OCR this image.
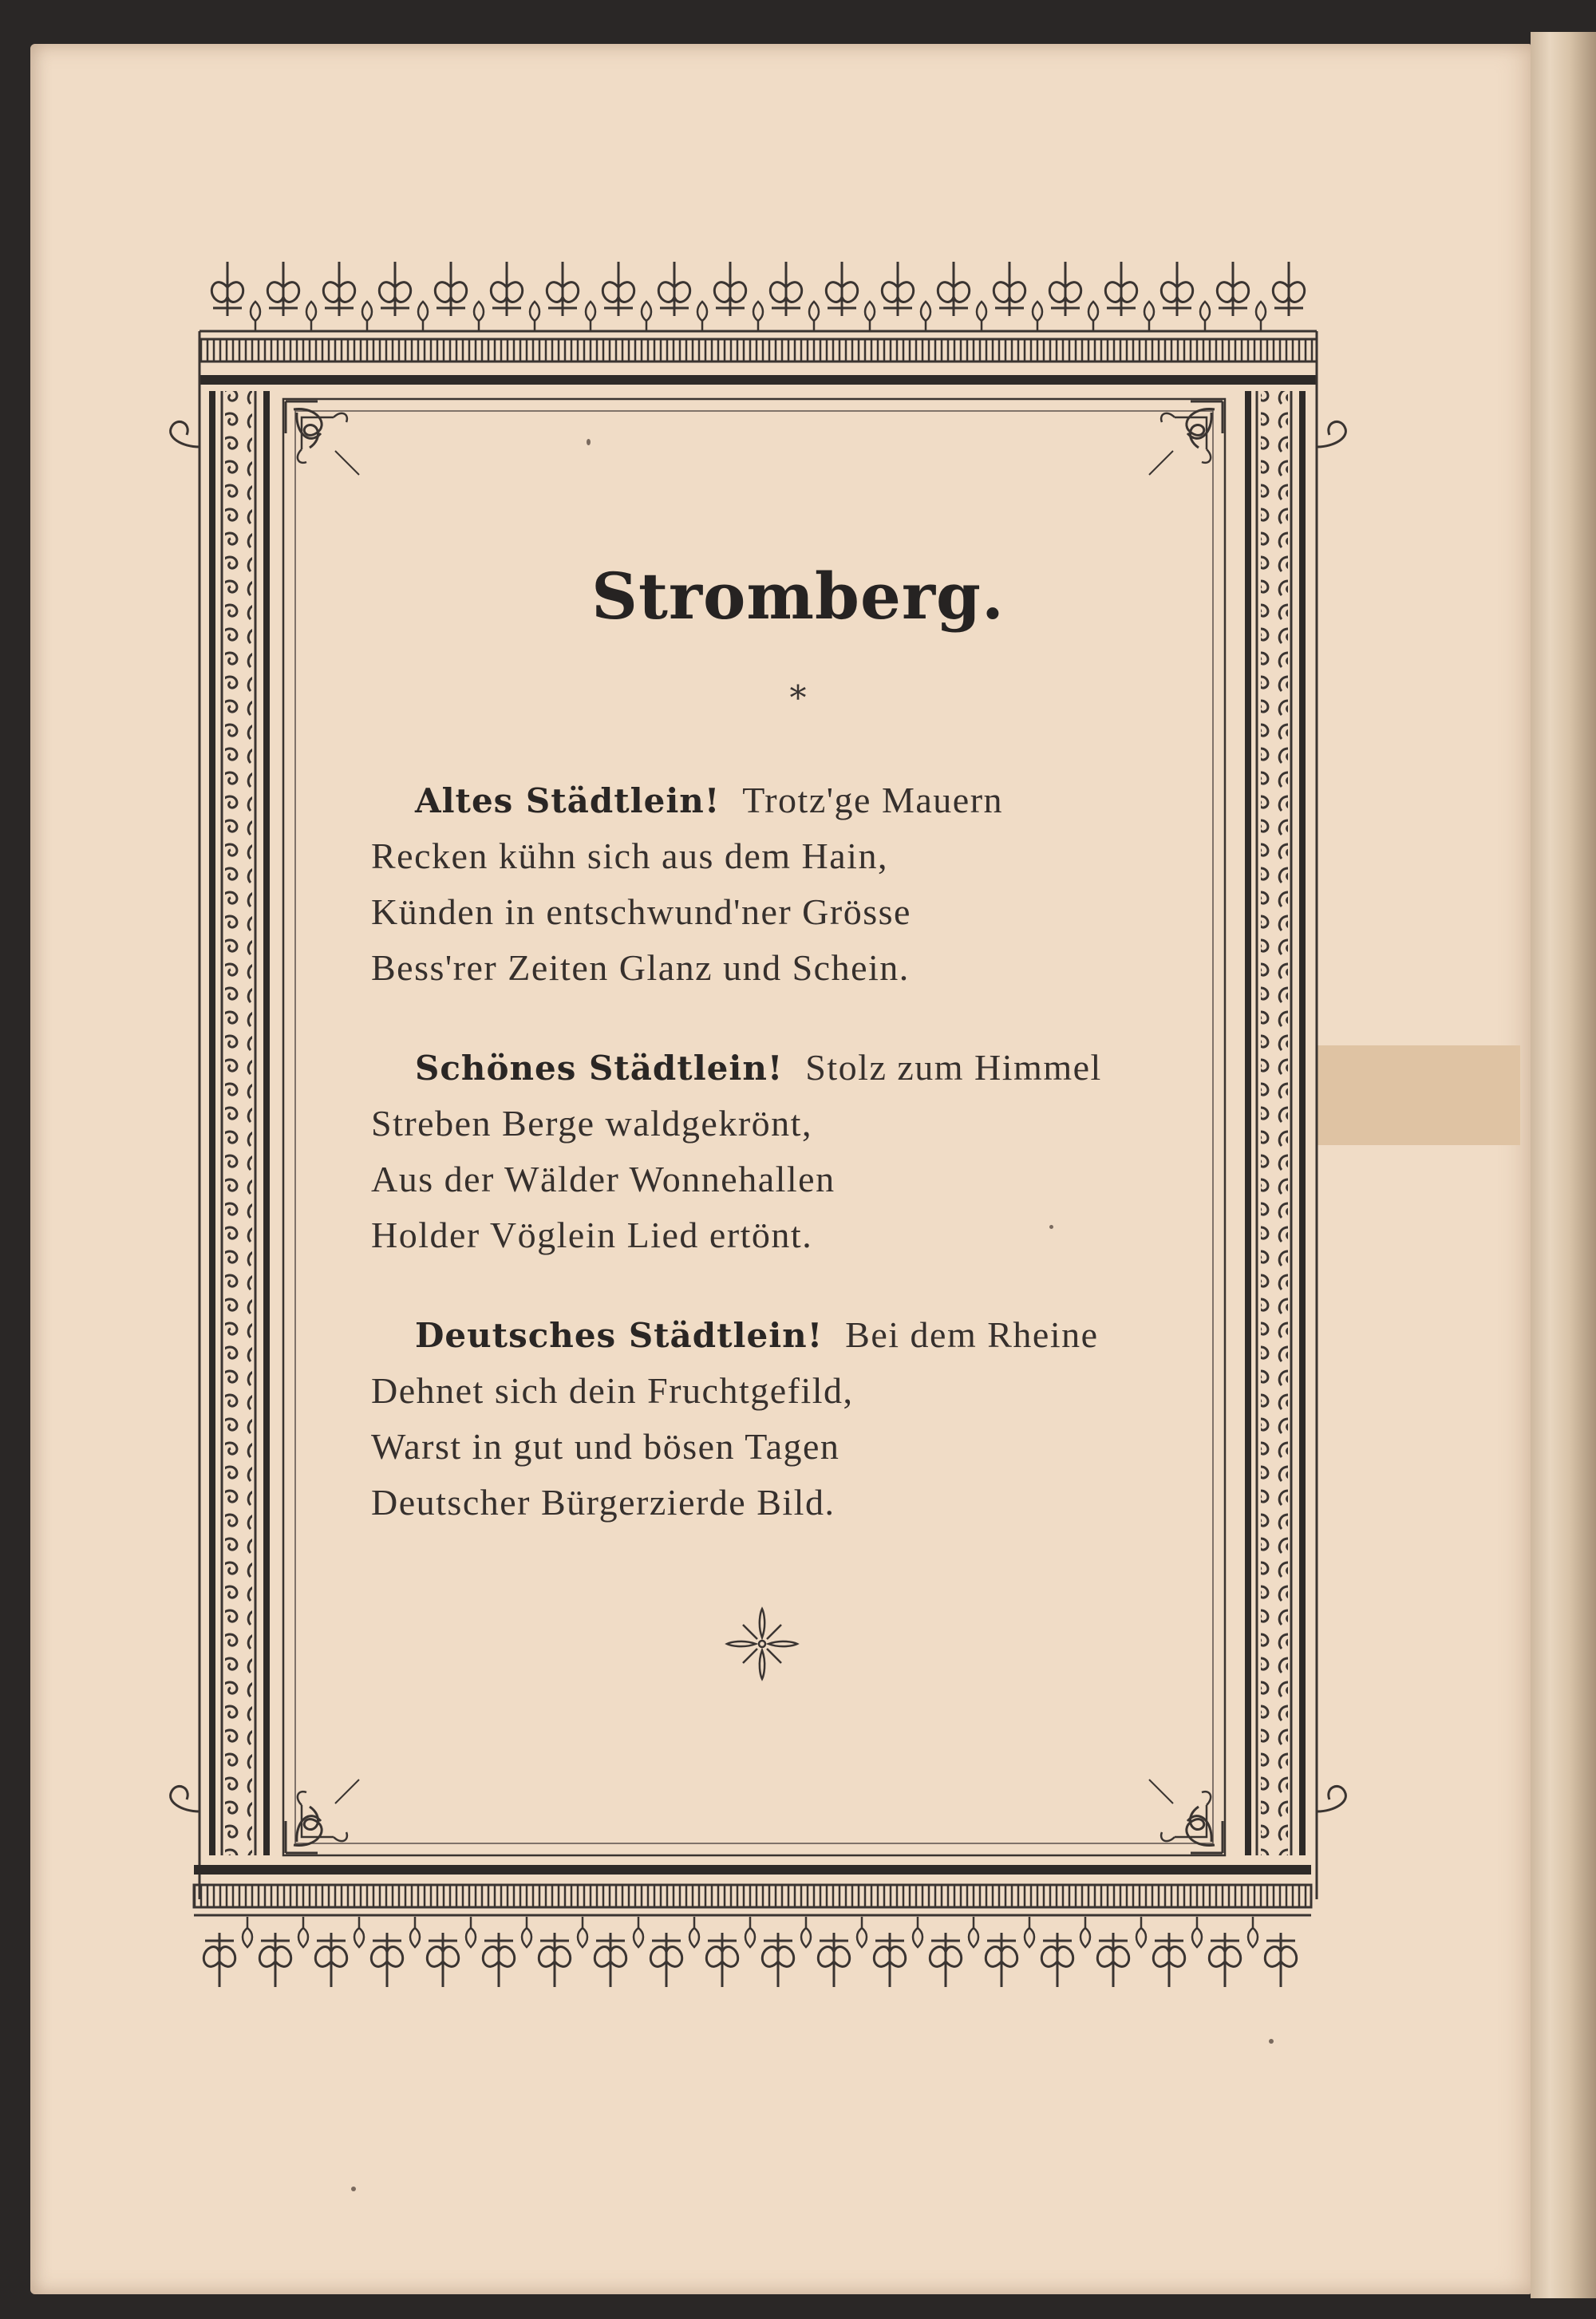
Stromberg.
*
Altes Städtlein! Trotz'ge Mauern
Recken kühn sich aus dem Hain,
Künden in entschwund'ner Grösse
Bess'rer Zeiten Glanz und Schein.
Schönes Städtlein! Stolz zum Himmel
Streben Berge waldgekrönt,
Aus der Wälder Wonnehallen
Holder Vöglein Lied ertönt.
Deutsches Städtlein! Bei dem Rheine
Dehnet sich dein Fruchtgefild,
Warst in gut und bösen Tagen
Deutscher Bürgerzierde Bild.
